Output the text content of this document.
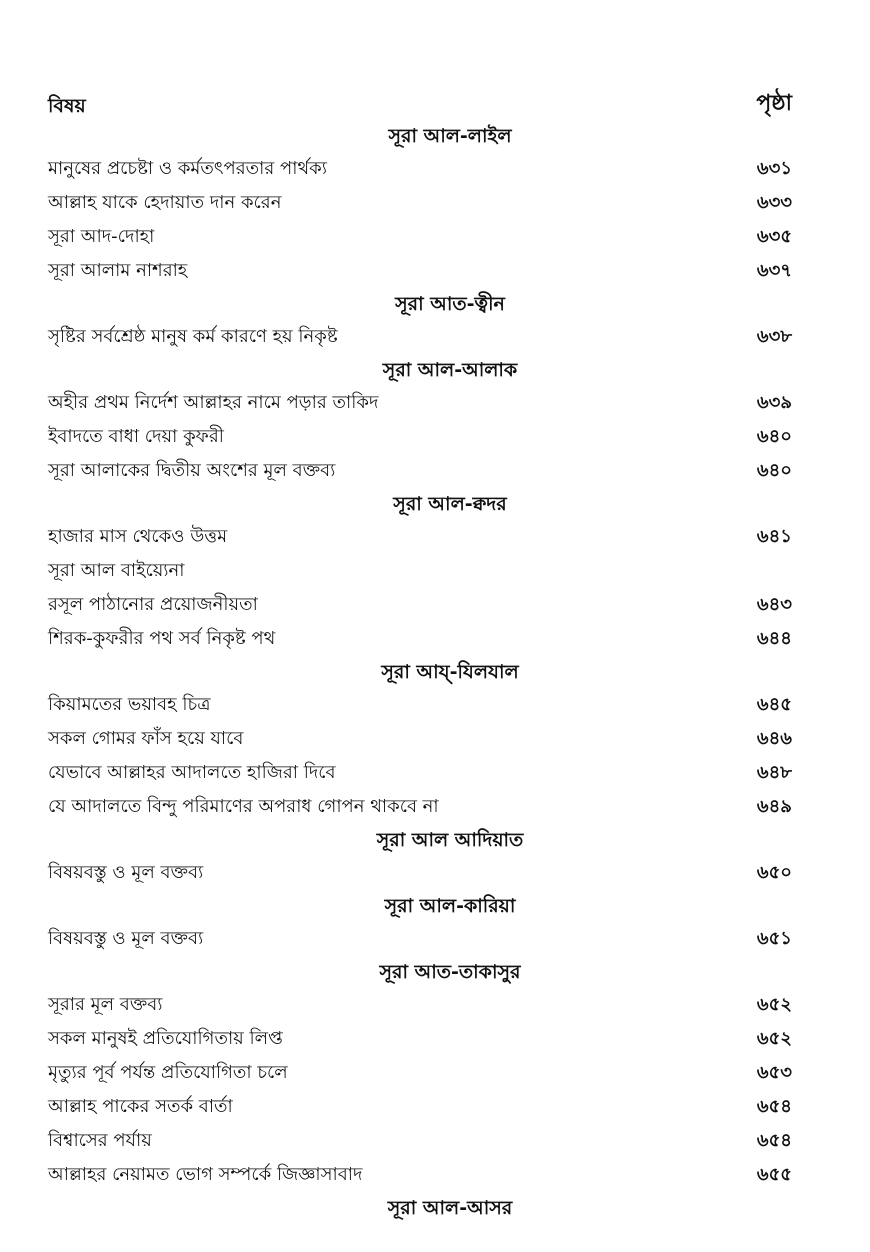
বিষয়	পৃষ্ঠা
সূরা আল-লাইল
মানুষের প্রচেষ্টা ও কর্মতৎপরতার পার্থক্য	৬৩১
আল্লাহ যাকে হেদায়াত দান করেন	৬৩৩
সূরা আদ-দোহা	৬৩৫
সূরা আলাম নাশরাহ	৬৩৭
সূরা আত-ত্বীন
সৃষ্টির সর্বশ্রেষ্ঠ মানুষ কর্ম কারণে হয় নিকৃষ্ট	৬৩৮
সূরা আল-আলাক
অহীর প্রথম নির্দেশ আল্লাহর নামে পড়ার তাকিদ	৬৩৯
ইবাদতে বাধা দেয়া কুফরী	৬৪০
সূরা আলাকের দ্বিতীয় অংশের মূল বক্তব্য	৬৪০
সূরা আল-ক্বদর
হাজার মাস থেকেও উত্তম	৬৪১
সূরা আল বাইয়্যেনা
রসূল পাঠানোর প্রয়োজনীয়তা	৬৪৩
শিরক-কুফরীর পথ সর্ব নিকৃষ্ট পথ	৬৪৪
সূরা আয্-যিলযাল
কিয়ামতের ভয়াবহ চিত্র	৬৪৫
সকল গোমর ফাঁস হয়ে যাবে	৬৪৬
যেভাবে আল্লাহর আদালতে হাজিরা দিবে	৬৪৮
যে আদালতে বিন্দু পরিমাণের অপরাধ গোপন থাকবে না	৬৪৯
সূরা আল আদিয়াত
বিষয়বস্তু ও মূল বক্তব্য	৬৫০
সূরা আল-কারিয়া
বিষয়বস্তু ও মূল বক্তব্য	৬৫১
সূরা আত-তাকাসুর
সূরার মূল বক্তব্য	৬৫২
সকল মানুষই প্রতিযোগিতায় লিপ্ত	৬৫২
মৃত্যুর পূর্ব পর্যন্ত প্রতিযোগিতা চলে	৬৫৩
আল্লাহ পাকের সতর্ক বার্তা	৬৫৪
বিশ্বাসের পর্যায়	৬৫৪
আল্লাহর নেয়ামত ভোগ সম্পর্কে জিজ্ঞাসাবাদ	৬৫৫
সূরা আল-আসর
